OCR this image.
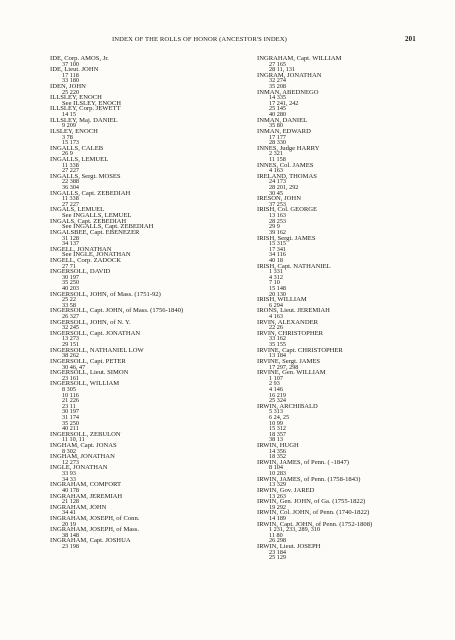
INDEX OF THE ROLLS OF HONOR (ANCESTOR'S INDEX)	201
IDE, Corp. AMOS, Jr.
37 100
IDE, Lieut. JOHN
17 118
33 180
IDEN, JOHN
25 220
ILLSLEY, ENOCH
See ILSLEY, ENOCH
ILLSLEY, Corp. JEWETT
14 15
ILLSLEY, Maj. DANIEL
9 209
ILSLEY, ENOCH
3 78
15 173
INGALLS, CALEB
26 9
INGALLS, LEMUEL
11 338
27 227
INGALLS, Sergt. MOSES
22 388
36 304
INGALLS, Capt. ZEBEDIAH
11 338
27 227
INGALS, LEMUEL
See INGALLS, LEMUEL
INGALS, Capt. ZEBEDIAH
See INGALLS, Capt. ZEBEDIAH
INGALSBEE, Capt. EBENEZER
31 128
34 137
INGELL, JONATHAN
See INGLE, JONATHAN
INGELL, Corp. ZADOCK
27 71
INGERSOLL, DAVID
30 197
35 250
40 203
INGERSOLL, JOHN, of Mass. (1751-92)
25 22
33 58
INGERSOLL, Capt. JOHN, of Mass. (1756-1840)
26 327
INGERSOLL, JOHN, of N. Y.
32 245
INGERSOLL, Capt. JONATHAN
13 273
29 151
INGERSOLL, NATHANIEL LOW
38 262
INGERSOLL, Capt. PETER
30 46, 47
INGERSOLL, Lieut. SIMON
23 161
INGERSOLL, WILLIAM
8 305
10 116
21 226
23 11
30 197
31 174
35 250
40 211
INGERSOLL, ZEBULON
11 10, 11
INGHAM, Capt. JONAS
8 302
INGHAM, JONATHAN
12 273
INGLE, JONATHAN
33 93
34 33
INGRAHAM, COMFORT
40 178
INGRAHAM, JEREMIAH
21 128
INGRAHAM, JOHN
34 41
INGRAHAM, JOSEPH, of Conn.
20 19
INGRAHAM, JOSEPH, of Mass.
38 148
INGRAHAM, Capt. JOSHUA
23 198
INGRAHAM, Capt. WILLIAM
27 165
28 11, 131
INGRAM, JONATHAN
32 274
35 208
INMAN, ABEDNEGO
14 335
17 241, 242
25 145
40 280
INMAN, DANIEL
35 80
INMAN, EDWARD
17 177
28 330
INNES, Judge HARRY
2 321
11 158
INNES, Col. JAMES
4 163
IRELAND, THOMAS
24 173
28 201, 292
30 45
IRESON, JOHN
37 253
IRISH, Col. GEORGE
13 163
28 253
29 9
39 162
IRISH, Sergt. JAMES
15 315
17 341
34 116
40 18
IRISH, Capt. NATHANIEL
1 331
4 312
7 10
15 148
20 130
IRISH, WILLIAM
6 294
IRONS, Lieut. JEREMIAH
4 163
IRVIN, ALEXANDER
22 26
IRVIN, CHRISTOPHER
33 162
35 155
IRVINE, Capt. CHRISTOPHER
13 184
IRVINE, Sergt. JAMES
17 297, 298
IRVINE, Gen. WILLIAM
1 107
2 93
4 146
16 219
25 324
IRWIN, ARCHIBALD
5 313
6 24, 25
10 99
15 312
18 357
38 13
IRWIN, HUGH
14 356
18 352
IRWIN, JAMES, of Penn. ( -1847)
8 104
10 283
IRWIN, JAMES, of Penn. (1758-1843)
13 329
IRWIN, Gov. JARED
13 263
IRWIN, Gen. JOHN, of Ga. (1755-1822)
19 292
IRWIN, Col. JOHN, of Penn. (1740-1822)
14 189
IRWIN, Capt. JOHN, of Penn. (1752-1808)
1 231, 233, 289, 310
11 80
26 298
IRWIN, Lieut. JOSEPH
23 184
25 129
